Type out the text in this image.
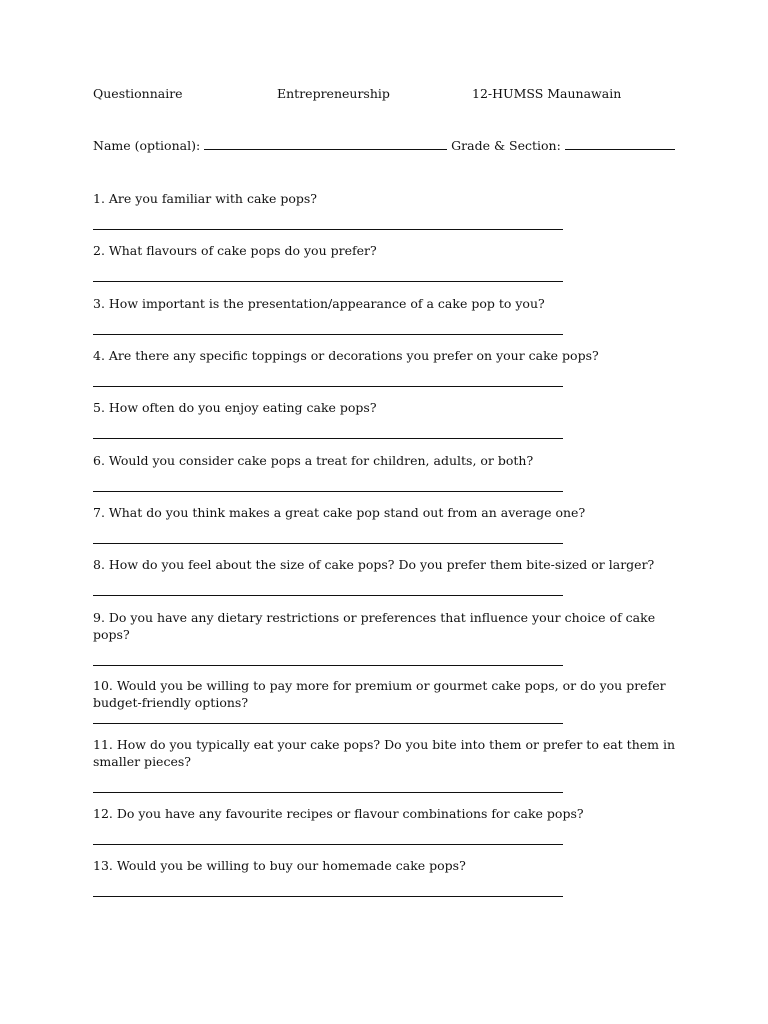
Questionnaire	Entrepreneurship	12-HUMSS Maunawain
Name (optional):	Grade & Section:

1. Are you familiar with cake pops?

2. What flavours of cake pops do you prefer?

3. How important is the presentation/appearance of a cake pop to you?

4. Are there any specific toppings or decorations you prefer on your cake pops?

5. How often do you enjoy eating cake pops?

6. Would you consider cake pops a treat for children, adults, or both?

7. What do you think makes a great cake pop stand out from an average one?

8. How do you feel about the size of cake pops? Do you prefer them bite-sized or larger?

9. Do you have any dietary restrictions or preferences that influence your choice of cake pops?

10. Would you be willing to pay more for premium or gourmet cake pops, or do you prefer budget-friendly options?

11. How do you typically eat your cake pops? Do you bite into them or prefer to eat them in smaller pieces?

12. Do you have any favourite recipes or flavour combinations for cake pops?

13. Would you be willing to buy our homemade cake pops?
